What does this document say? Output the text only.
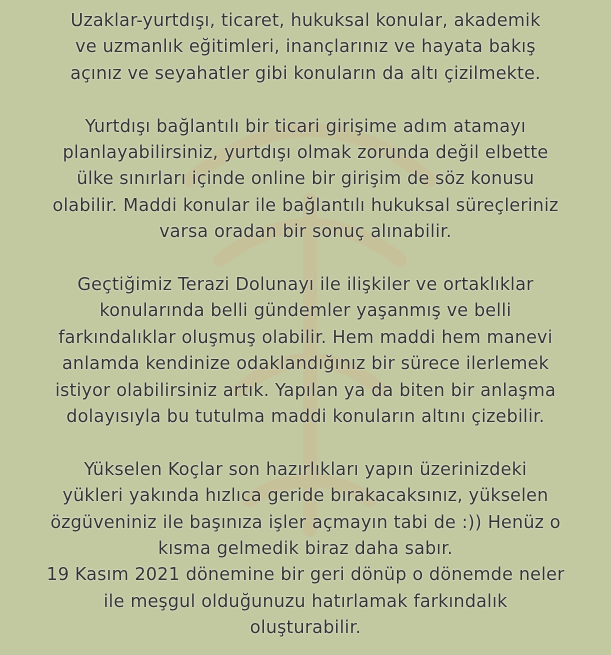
Uzaklar-yurtdışı, ticaret, hukuksal konular, akademik
ve uzmanlık eğitimleri, inançlarınız ve hayata bakış
açınız ve seyahatler gibi konuların da altı çizilmekte.

Yurtdışı bağlantılı bir ticari girişime adım atamayı
planlayabilirsiniz, yurtdışı olmak zorunda değil elbette
ülke sınırları içinde online bir girişim de söz konusu
olabilir. Maddi konular ile bağlantılı hukuksal süreçleriniz
varsa oradan bir sonuç alınabilir.

Geçtiğimiz Terazi Dolunayı ile ilişkiler ve ortaklıklar
konularında belli gündemler yaşanmış ve belli
farkındalıklar oluşmuş olabilir. Hem maddi hem manevi
anlamda kendinize odaklandığınız bir sürece ilerlemek
istiyor olabilirsiniz artık. Yapılan ya da biten bir anlaşma
dolayısıyla bu tutulma maddi konuların altını çizebilir.

Yükselen Koçlar son hazırlıkları yapın üzerinizdeki
yükleri yakında hızlıca geride bırakacaksınız, yükselen
özgüveniniz ile başınıza işler açmayın tabi de :)) Henüz o
kısma gelmedik biraz daha sabır.
19 Kasım 2021 dönemine bir geri dönüp o dönemde neler
ile meşgul olduğunuzu hatırlamak farkındalık
oluşturabilir.
